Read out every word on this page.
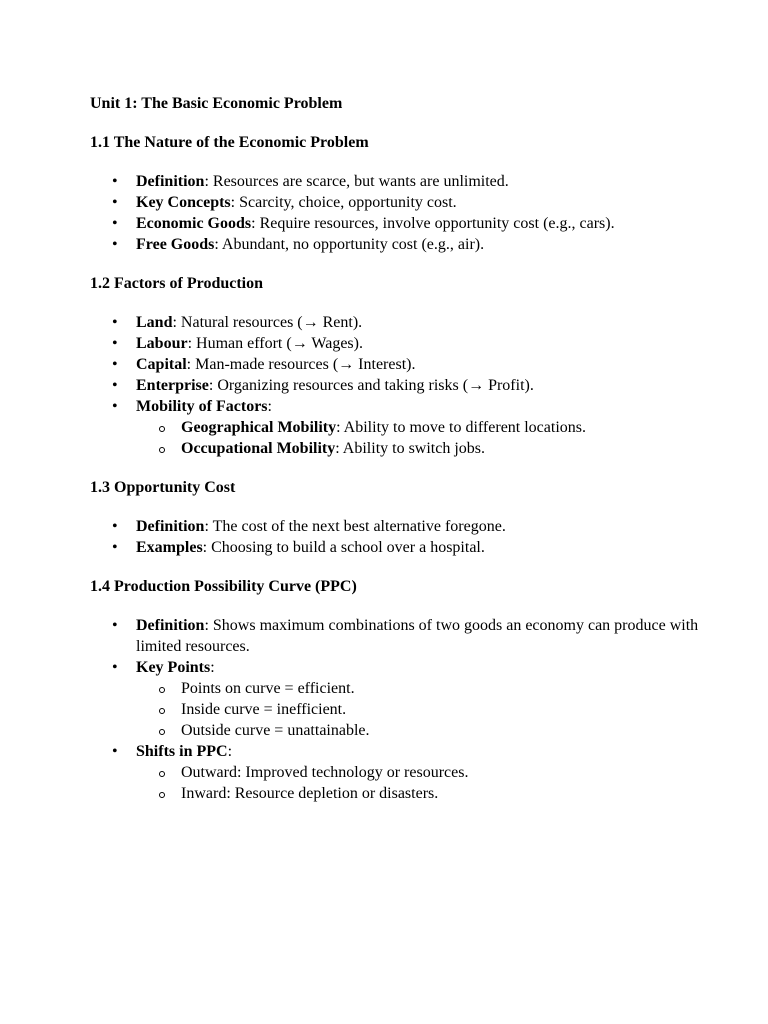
Unit 1: The Basic Economic Problem

1.1 The Nature of the Economic Problem

• Definition: Resources are scarce, but wants are unlimited.
• Key Concepts: Scarcity, choice, opportunity cost.
• Economic Goods: Require resources, involve opportunity cost (e.g., cars).
• Free Goods: Abundant, no opportunity cost (e.g., air).

1.2 Factors of Production

• Land: Natural resources (→ Rent).
• Labour: Human effort (→ Wages).
• Capital: Man-made resources (→ Interest).
• Enterprise: Organizing resources and taking risks (→ Profit).
• Mobility of Factors:
Geographical Mobility: Ability to move to different locations.
Occupational Mobility: Ability to switch jobs.

1.3 Opportunity Cost

• Definition: The cost of the next best alternative foregone.
• Examples: Choosing to build a school over a hospital.

1.4 Production Possibility Curve (PPC)

• Definition: Shows maximum combinations of two goods an economy can produce with limited resources.
• Key Points:
Points on curve = efficient.
Inside curve = inefficient.
Outside curve = unattainable.
• Shifts in PPC:
Outward: Improved technology or resources.
Inward: Resource depletion or disasters.
